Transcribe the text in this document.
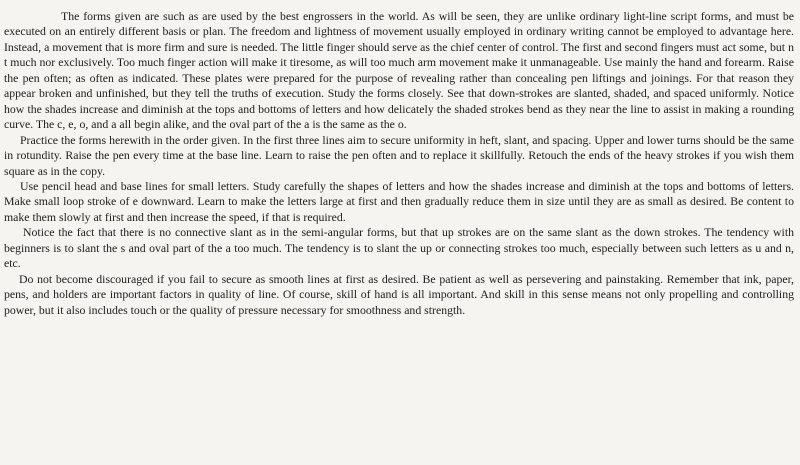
The forms given are such as are used by the best engrossers in the world. As will be seen, they are unlike ordinary light-line script forms, and must be executed on an entirely different basis or plan. The freedom and lightness of movement usually employed in ordinary writing cannot be employed to advantage here. Instead, a movement that is more firm and sure is needed. The little finger should serve as the chief center of control. The first and second fingers must act some, but n t much nor exclusively. Too much finger action will make it tiresome, as will too much arm movement make it unmanageable. Use mainly the hand and forearm. Raise the pen often; as often as indicated. These plates were prepared for the purpose of revealing rather than concealing pen liftings and joinings. For that reason they appear broken and unfinished, but they tell the truths of execution. Study the forms closely. See that down-strokes are slanted, shaded, and spaced uniformly. Notice how the shades increase and diminish at the tops and bottoms of letters and how delicately the shaded strokes bend as they near the line to assist in making a rounding curve. The c, e, o, and a all begin alike, and the oval part of the a is the same as the o.

Practice the forms herewith in the order given. In the first three lines aim to secure uniformity in heft, slant, and spacing. Upper and lower turns should be the same in rotundity. Raise the pen every time at the base line. Learn to raise the pen often and to replace it skillfully. Retouch the ends of the heavy strokes if you wish them square as in the copy.

Use pencil head and base lines for small letters. Study carefully the shapes of letters and how the shades increase and diminish at the tops and bottoms of letters. Make small loop stroke of e downward. Learn to make the letters large at first and then gradually reduce them in size until they are as small as desired. Be content to make them slowly at first and then increase the speed, if that is required.

Notice the fact that there is no connective slant as in the semi-angular forms, but that up strokes are on the same slant as the down strokes. The tendency with beginners is to slant the s and oval part of the a too much. The tendency is to slant the up or connecting strokes too much, especially between such letters as u and n, etc.

Do not become discouraged if you fail to secure as smooth lines at first as desired. Be patient as well as persevering and painstaking. Remember that ink, paper, pens, and holders are important factors in quality of line. Of course, skill of hand is all important. And skill in this sense means not only propelling and controlling power, but it also includes touch or the quality of pressure necessary for smoothness and strength.
